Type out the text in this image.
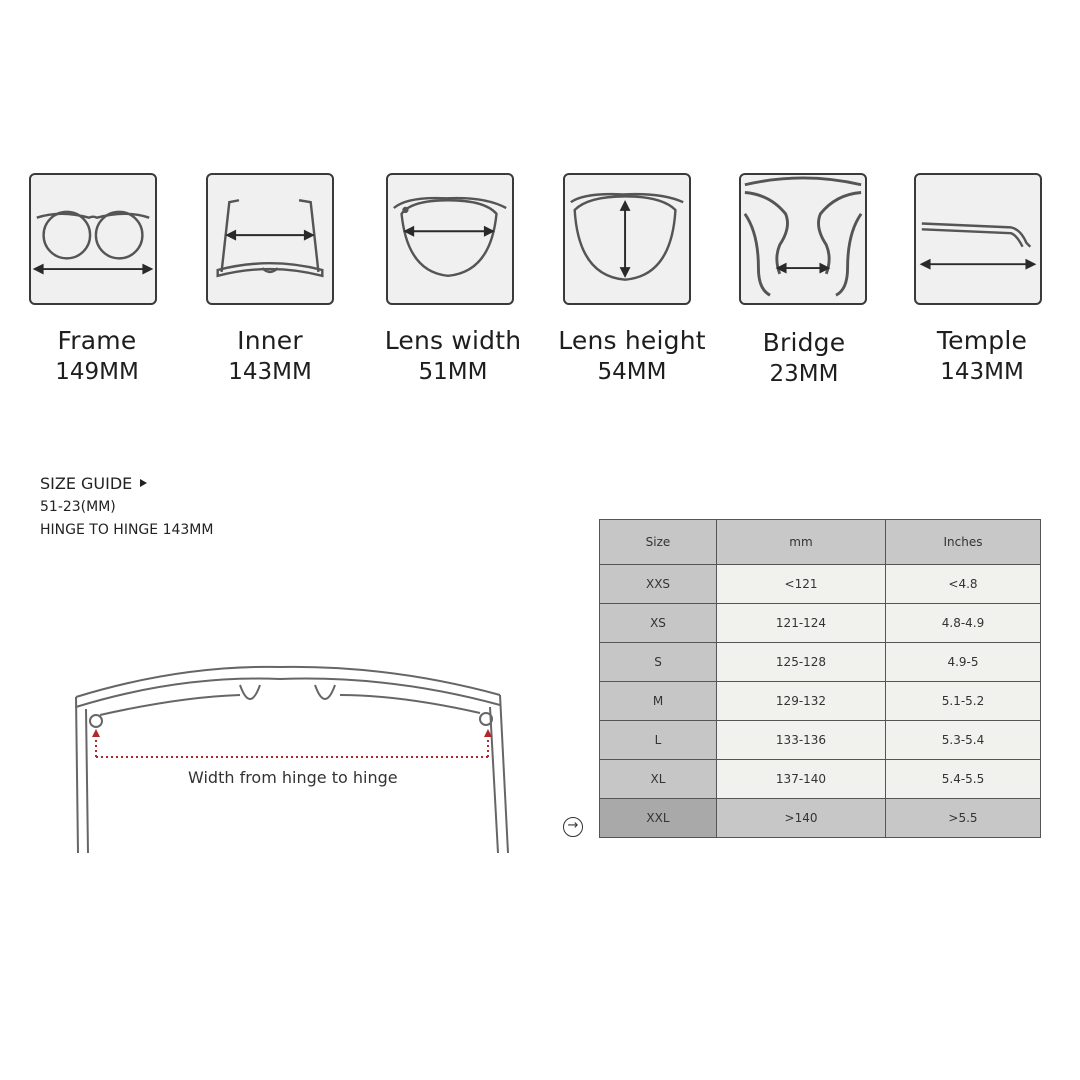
Frame
149MM
Inner
143MM
Lens width
51MM
Lens height
54MM
Bridge
23MM
Temple
143MM
SIZE GUIDE
51-23(MM)
HINGE TO HINGE 143MM
Width from hinge to hinge
→
Size	mm	Inches
XXS	<121	<4.8
XS	121-124	4.8-4.9
S	125-128	4.9-5
M	129-132	5.1-5.2
L	133-136	5.3-5.4
XL	137-140	5.4-5.5
XXL	>140	>5.5
